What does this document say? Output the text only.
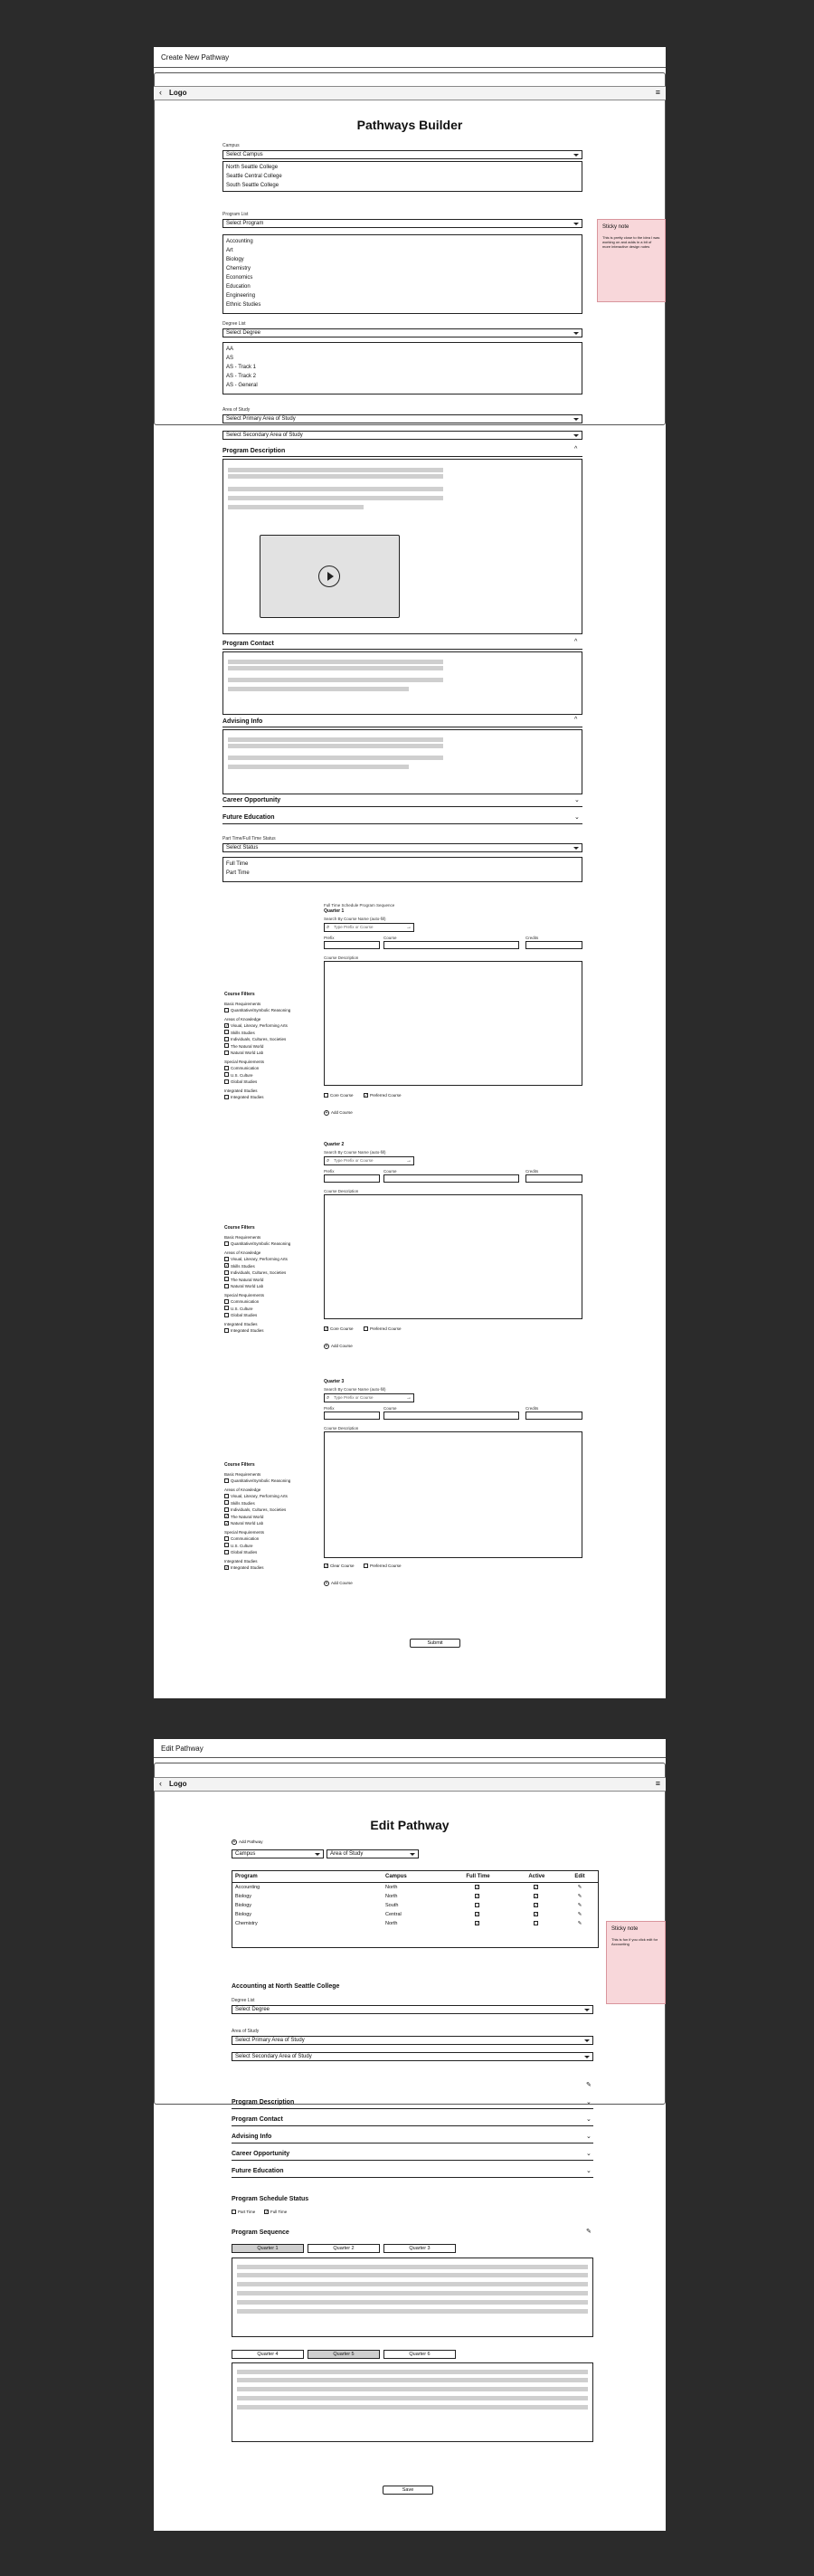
Create New Pathway
‹ Logo	≡
Pathways Builder
Campus
Select Campus
North Seattle College
Seattle Central College
South Seattle College
Program List
Select Program
Accounting
Art
Biology
Chemistry
Economics
Education
Engineering
Ethnic Studies
Sticky note
This is pretty close to the idea I was working on and adds in a bit of more interactive design notes
Degree List
Select Degree
AA
AS
AS - Track 1
AS - Track 2
AS - General
Area of Study
Select Primary Area of Study
Select Secondary Area of Study
Program Description	^
Program Contact	^
Advising Info	^
Career Opportunity	⌄
Future Education	⌄
Part Time/Full Time Status
Select Status
Full Time
Part Time
Full Time Schedule Program Sequence
Quarter 1
Search By Course Name (auto-fill)
⌕ Type Prefix or Course	→
Prefix	Course	Credits
Course Description
Core Course ✓	Preferred Course
+ Add Course
Course Filters
Basic Requirements
Quantitative/Symbolic Reasoning
Areas of Knowledge
✓Visual, Literary, Performing Arts
Skills Studies
Individuals, Cultures, Societies
The Natural World
Natural World Lab
Special Requirements
Communication
U.S. Culture
Global Studies
Integrated Studies
Integrated Studies
Quarter 2
Search By Course Name (auto-fill)
⌕ Type Prefix or Course	→
Prefix	Course	Credits
Course Description
✓Core Course	Preferred Course
+ Add Course
Course Filters
Basic Requirements
Quantitative/Symbolic Reasoning
Areas of Knowledge
Visual, Literary, Performing Arts
✓Skills Studies
Individuals, Cultures, Societies
The Natural World
Natural World Lab
Special Requirements
Communication
U.S. Culture
Global Studies
Integrated Studies
Integrated Studies
Quarter 3
Search By Course Name (auto-fill)
⌕ Type Prefix or Course	→
Prefix	Course	Credits
Course Description
✓Clear Course	Preferred Course
+ Add Course
Course Filters
Basic Requirements
Quantitative/Symbolic Reasoning
Areas of Knowledge
Visual, Literary, Performing Arts
Skills Studies
Individuals, Cultures, Societies
✓The Natural World
✓Natural World Lab
Special Requirements
Communication
U.S. Culture
Global Studies
Integrated Studies
✓Integrated Studies
Submit
Edit Pathway
‹ Logo	≡
Edit Pathway
+ Add Pathway
Campus	Area of Study
Program	Campus	Full Time	Active	Edit
Accounting	North	✓	✓	✎
Biology	North	✓	✓	✎
Biology	South		✓	✎
Biology	Central	✓	✓	✎
Chemistry	North	✓		✎
Sticky note
This is fun if you click edit for Accounting
Accounting at North Seattle College
Degree List
Select Degree
Area of Study
Select Primary Area of Study
Select Secondary Area of Study
✎
Program Description	⌄
Program Contact	⌄
Advising Info	⌄
Career Opportunity	⌄
Future Education	⌄
Program Schedule Status
Part Time ✓	Full Time
Program Sequence	✎
Quarter 1	Quarter 2	Quarter 3
Quarter 4	Quarter 5	Quarter 6
Save
